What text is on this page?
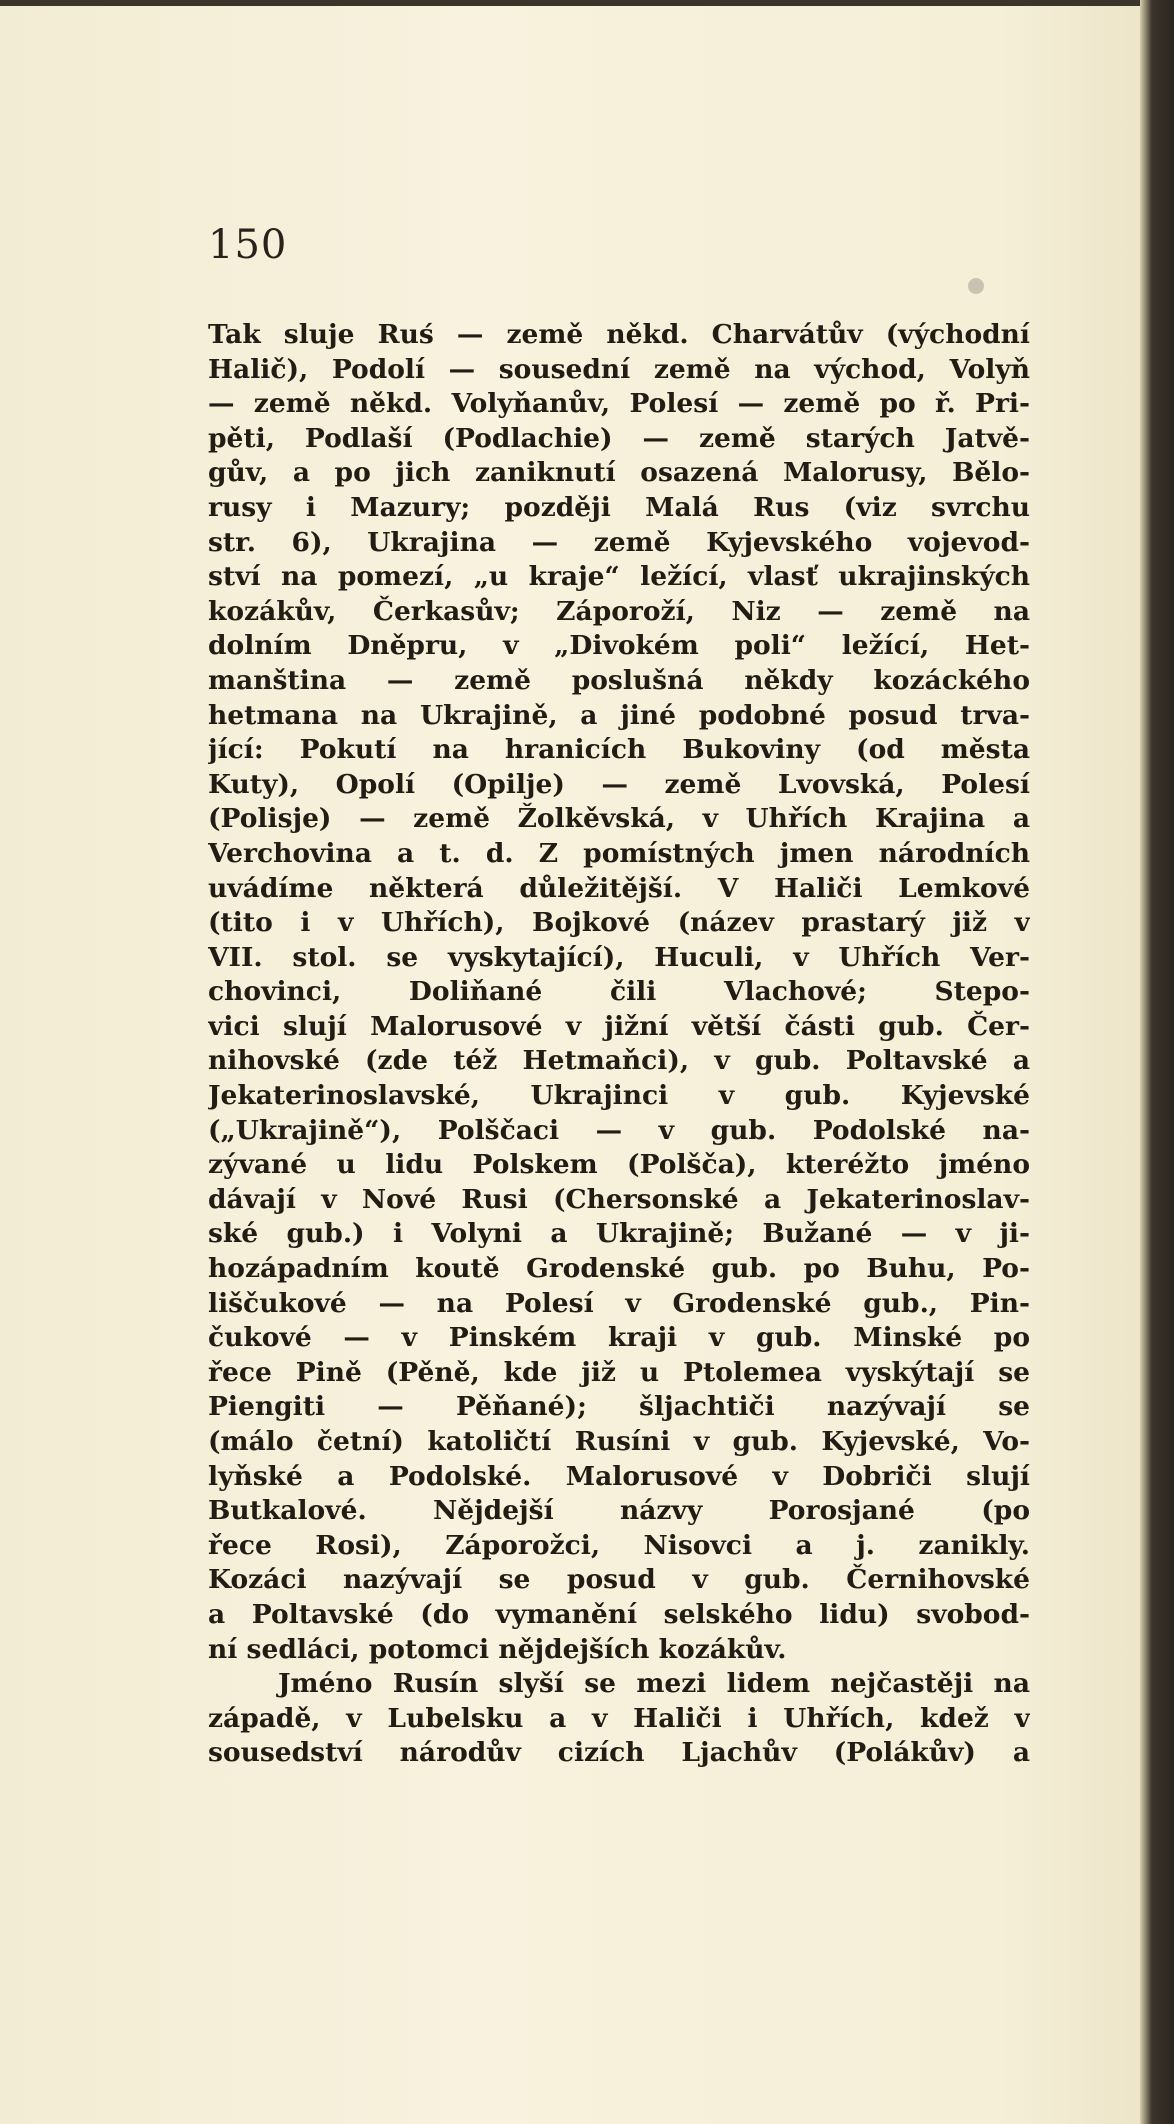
150
Tak sluje Ruś — země někd. Charvátův (východní
Halič), Podolí — sousední země na východ, Volyň
— země někd. Volyňanův, Polesí — země po ř. Pri-
pěti, Podlaší (Podlachie) — země starých Jatvě-
gův, a po jich zaniknutí osazená Malorusy, Bělo-
rusy i Mazury; později Malá Rus (viz svrchu
str. 6), Ukrajina — země Kyjevského vojevod-
ství na pomezí, „u kraje“ ležící, vlasť ukrajinských
kozákův, Čerkasův; Záporoží, Niz — země na
dolním Dněpru, v „Divokém poli“ ležící, Het-
manština — země poslušná někdy kozáckého
hetmana na Ukrajině, a jiné podobné posud trva-
jící: Pokutí na hranicích Bukoviny (od města
Kuty), Opolí (Opilje) — země Lvovská, Polesí
(Polisje) — země Žolkěvská, v Uhřích Krajina a
Verchovina a t. d. Z pomístných jmen národních
uvádíme některá důležitější. V Haliči Lemkové
(tito i v Uhřích), Bojkové (název prastarý již v
VII. stol. se vyskytající), Huculi, v Uhřích Ver-
chovinci, Doliňané čili Vlachové; Stepo-
vici slují Malorusové v jižní větší části gub. Čer-
nihovské (zde též Hetmaňci), v gub. Poltavské a
Jekaterinoslavské, Ukrajinci v gub. Kyjevské
(„Ukrajině“), Polščaci — v gub. Podolské na-
zývané u lidu Polskem (Polšča), kteréžto jméno
dávají v Nové Rusi (Chersonské a Jekaterinoslav-
ské gub.) i Volyni a Ukrajině; Bužané — v ji-
hozápadním koutě Grodenské gub. po Buhu, Po-
liščukové — na Polesí v Grodenské gub., Pin-
čukové — v Pinském kraji v gub. Minské po
řece Pině (Pěně, kde již u Ptolemea vyskýtají se
Piengiti — Pěňané); šljachtiči nazývají se
(málo četní) katoličtí Rusíni v gub. Kyjevské, Vo-
lyňské a Podolské. Malorusové v Dobriči slují
Butkalové. Nějdejší názvy Porosjané (po
řece Rosi), Záporožci, Nisovci a j. zanikly.
Kozáci nazývají se posud v gub. Černihovské
a Poltavské (do vymanění selského lidu) svobod-
ní sedláci, potomci nějdejších kozákův.
Jméno Rusín slyší se mezi lidem nejčastěji na
západě, v Lubelsku a v Haliči i Uhřích, kdež v
sousedství národův cizích Ljachův (Polákův) a
